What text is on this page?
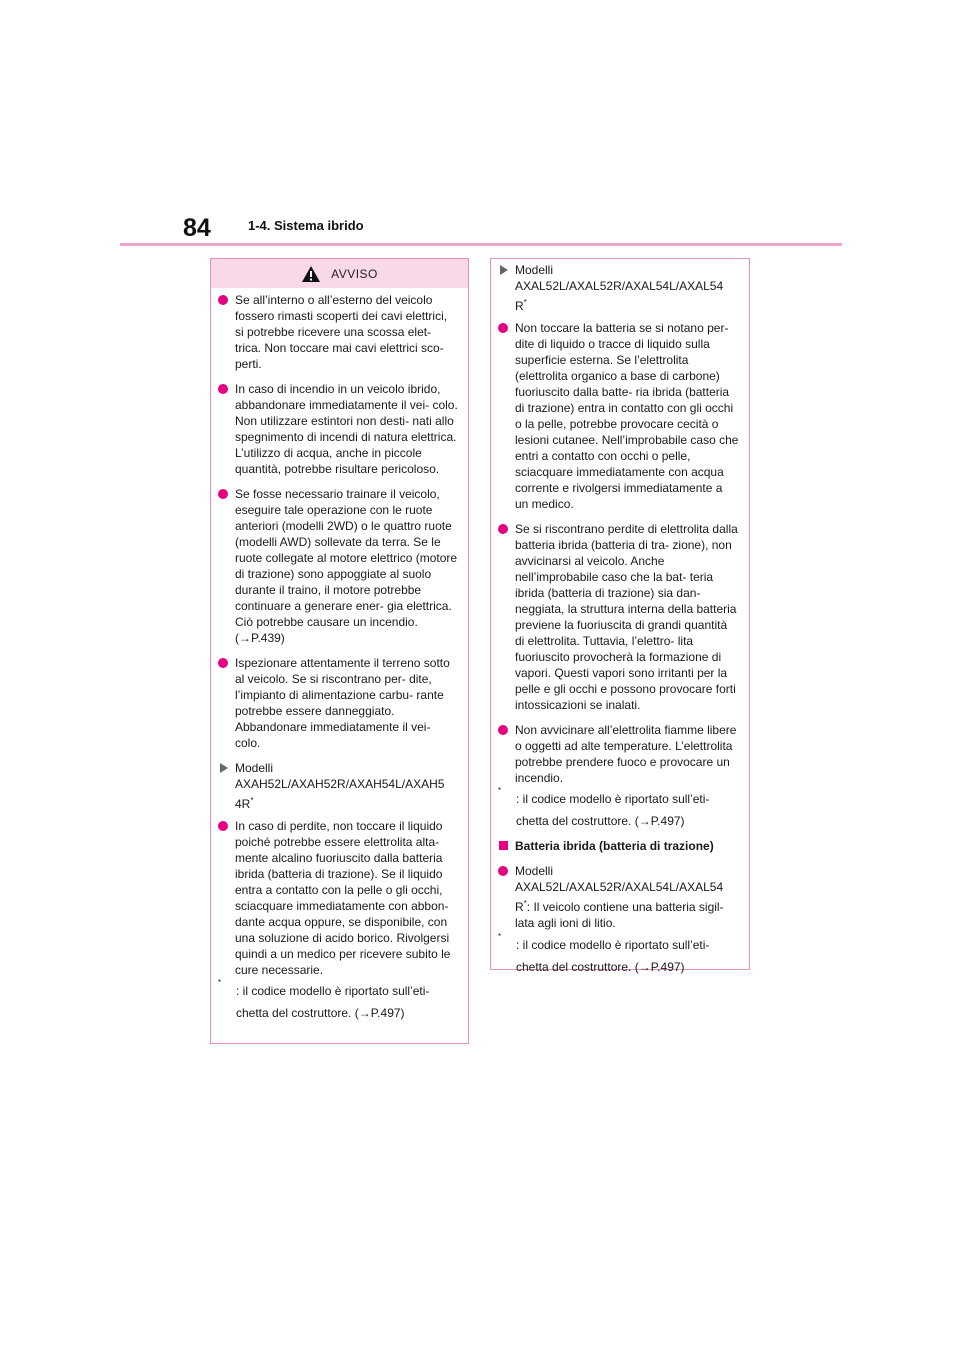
84	1-4. Sistema ibrido
AVVISO
Se all’interno o all’esterno del veicolo fossero rimasti scoperti dei cavi elettrici, si potrebbe ricevere una scossa elet- trica. Non toccare mai cavi elettrici sco- perti.
In caso di incendio in un veicolo ibrido, abbandonare immediatamente il vei- colo. Non utilizzare estintori non desti- nati allo spegnimento di incendi di natura elettrica. L’utilizzo di acqua, anche in piccole quantità, potrebbe risultare pericoloso.
Se fosse necessario trainare il veicolo, eseguire tale operazione con le ruote anteriori (modelli 2WD) o le quattro ruote (modelli AWD) sollevate da terra. Se le ruote collegate al motore elettrico (motore di trazione) sono appoggiate al suolo durante il traino, il motore potrebbe continuare a generare ener- gia elettrica. Ciò potrebbe causare un incendio. (→P.439)
Ispezionare attentamente il terreno sotto al veicolo. Se si riscontrano per- dite, l’impianto di alimentazione carbu- rante potrebbe essere danneggiato. Abbandonare immediatamente il vei- colo.
Modelli
AXAH52L/AXAH52R/AXAH54L/AXAH5
4R*
In caso di perdite, non toccare il liquido poiché potrebbe essere elettrolita alta- mente alcalino fuoriuscito dalla batteria ibrida (batteria di trazione). Se il liquido entra a contatto con la pelle o gli occhi, sciacquare immediatamente con abbon- dante acqua oppure, se disponibile, con una soluzione di acido borico. Rivolgersi quindi a un medico per ricevere subito le cure necessarie.
*
: il codice modello è riportato sull’eti-
chetta del costruttore. (→P.497)
Modelli
AXAL52L/AXAL52R/AXAL54L/AXAL54
R*
Non toccare la batteria se si notano per- dite di liquido o tracce di liquido sulla superficie esterna. Se l’elettrolita (elettrolita organico a base di carbone) fuoriuscito dalla batte- ria ibrida (batteria di trazione) entra in contatto con gli occhi o la pelle, potrebbe provocare cecità o lesioni cutanee. Nell’improbabile caso che entri a contatto con occhi o pelle, sciacquare immediatamente con acqua corrente e rivolgersi immediatamente a un medico.
Se si riscontrano perdite di elettrolita dalla batteria ibrida (batteria di tra- zione), non avvicinarsi al veicolo. Anche nell’improbabile caso che la bat- teria ibrida (batteria di trazione) sia dan- neggiata, la struttura interna della batteria previene la fuoriuscita di grandi quantità di elettrolita. Tuttavia, l’elettro- lita fuoriuscito provocherà la formazione di vapori. Questi vapori sono irritanti per la pelle e gli occhi e possono provocare forti intossicazioni se inalati.
Non avvicinare all’elettrolita fiamme libere o oggetti ad alte temperature. L’elettrolita potrebbe prendere fuoco e provocare un incendio.
*
: il codice modello è riportato sull’eti-
chetta del costruttore. (→P.497)
Batteria ibrida (batteria di trazione)
Modelli
AXAL52L/AXAL52R/AXAL54L/AXAL54
R*: Il veicolo contiene una batteria sigil- lata agli ioni di litio.
*
: il codice modello è riportato sull’eti-
chetta del costruttore. (→P.497)
